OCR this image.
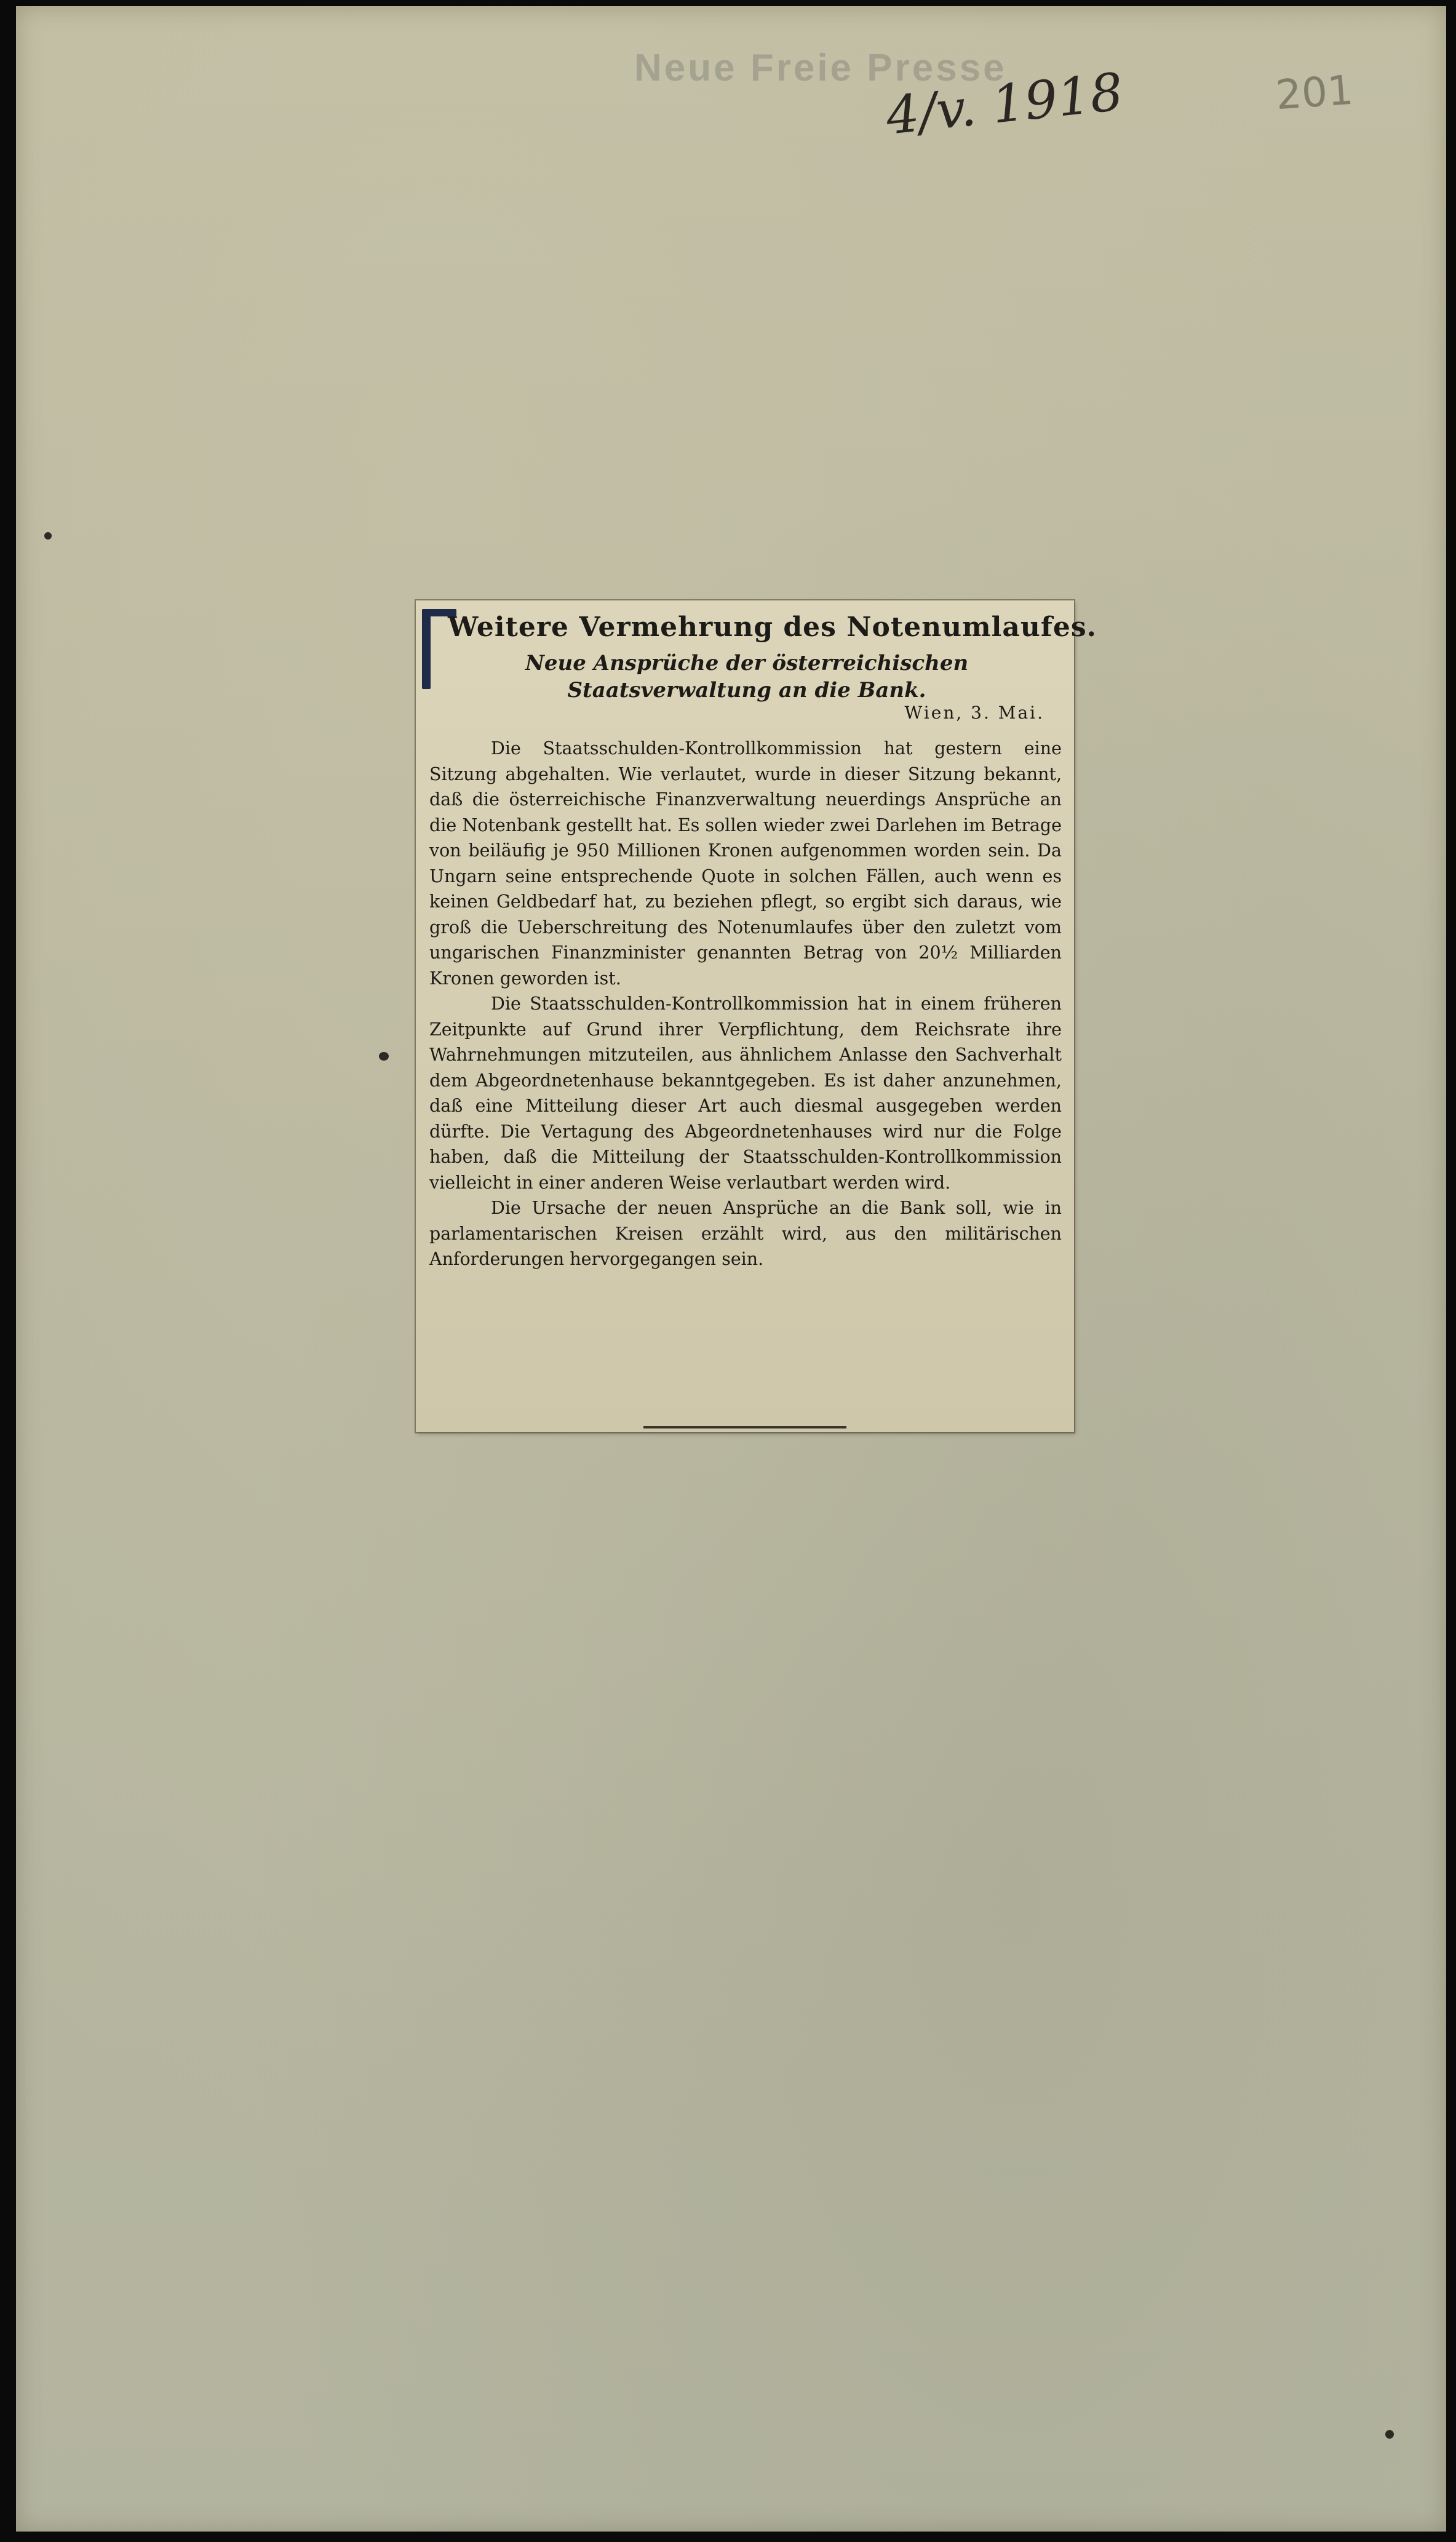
Neue Freie Presse
4/v. 1918	201
Weitere Vermehrung des Notenumlaufes.
Neue Ansprüche der österreichischen Staatsverwaltung an die Bank.
Wien, 3. Mai.

Die Staatsschulden-Kontrollkommission hat gestern eine Sitzung abgehalten. Wie verlautet, wurde in dieser Sitzung bekannt, daß die österreichische Finanzverwaltung neuerdings Ansprüche an die Notenbank gestellt hat. Es sollen wieder zwei Darlehen im Betrage von beiläufig je 950 Millionen Kronen aufgenommen worden sein. Da Ungarn seine entsprechende Quote in solchen Fällen, auch wenn es keinen Geldbedarf hat, zu beziehen pflegt, so ergibt sich daraus, wie groß die Ueberschreitung des Notenumlaufes über den zuletzt vom ungarischen Finanzminister genannten Betrag von 20½ Milliarden Kronen geworden ist.

Die Staatsschulden-Kontrollkommission hat in einem früheren Zeitpunkte auf Grund ihrer Verpflichtung, dem Reichsrate ihre Wahrnehmungen mitzuteilen, aus ähnlichem Anlasse den Sachverhalt dem Abgeordnetenhause bekanntgegeben. Es ist daher anzunehmen, daß eine Mitteilung dieser Art auch diesmal ausgegeben werden dürfte. Die Vertagung des Abgeordnetenhauses wird nur die Folge haben, daß die Mitteilung der Staatsschulden-Kontrollkommission vielleicht in einer anderen Weise verlautbart werden wird.

Die Ursache der neuen Ansprüche an die Bank soll, wie in parlamentarischen Kreisen erzählt wird, aus den militärischen Anforderungen hervorgegangen sein.
